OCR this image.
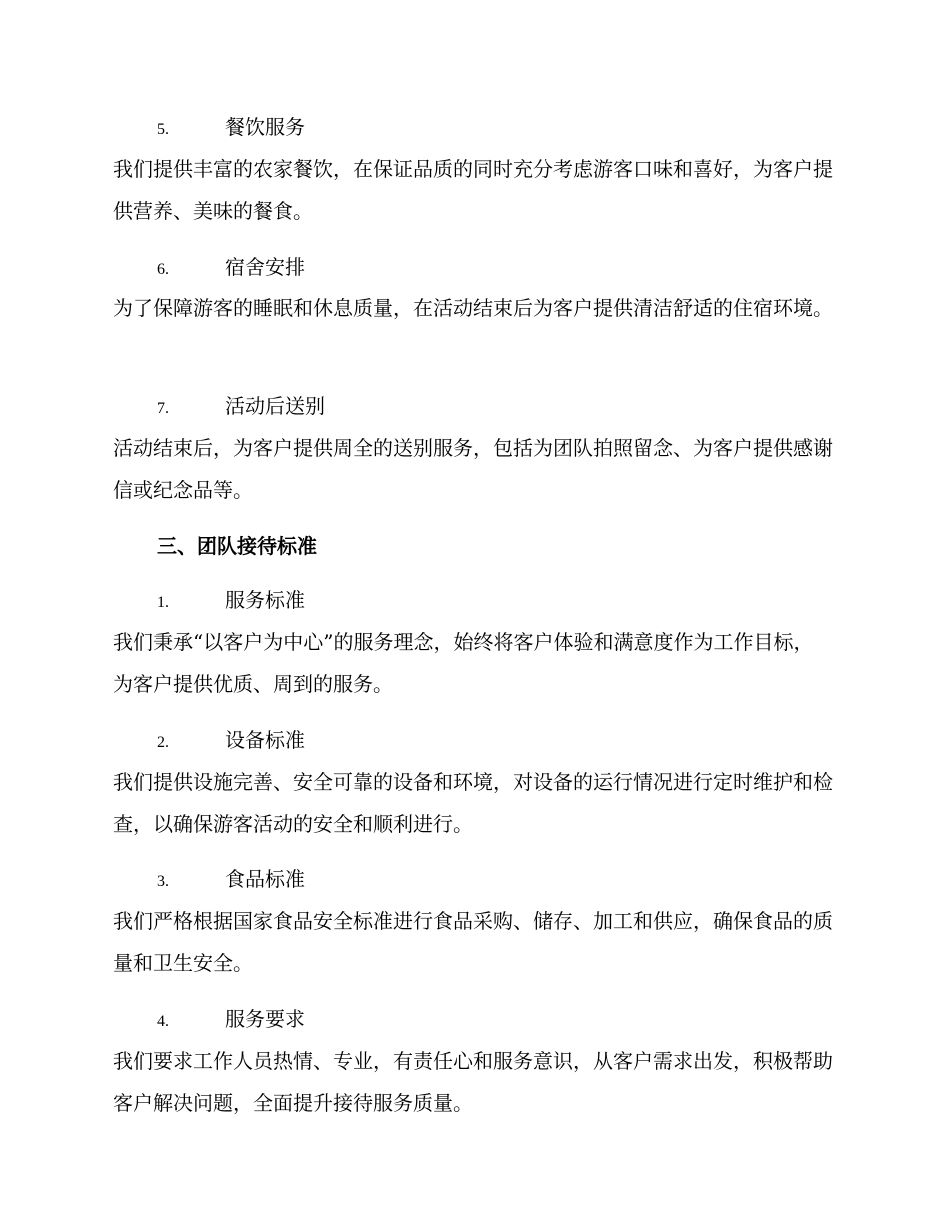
5.	餐饮服务

我们提供丰富的农家餐饮，在保证品质的同时充分考虑游客口味和喜好，为客户提供营养、美味的餐食。

6.	宿舍安排

为了保障游客的睡眠和休息质量，在活动结束后为客户提供清洁舒适的住宿环境。

7.	活动后送别

活动结束后，为客户提供周全的送别服务，包括为团队拍照留念、为客户提供感谢信或纪念品等。

三、团队接待标准
1.	服务标准

我们秉承“以客户为中心”的服务理念，始终将客户体验和满意度作为工作目标，为客户提供优质、周到的服务。

2.	设备标准

我们提供设施完善、安全可靠的设备和环境，对设备的运行情况进行定时维护和检查，以确保游客活动的安全和顺利进行。

3.	食品标准

我们严格根据国家食品安全标准进行食品采购、储存、加工和供应，确保食品的质量和卫生安全。

4.	服务要求

我们要求工作人员热情、专业，有责任心和服务意识，从客户需求出发，积极帮助客户解决问题，全面提升接待服务质量。
